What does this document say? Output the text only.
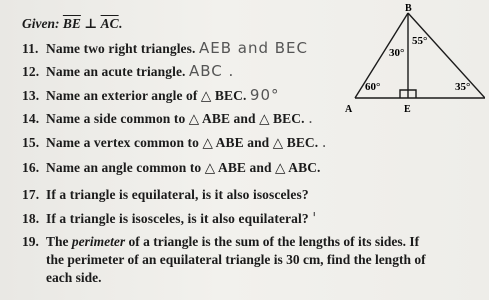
Given: $\overline{BE}$ ⊥ $\overline{AC}$.
11. Name two right triangles. AEB and BEC
12. Name an acute triangle. ABC .
13. Name an exterior angle of △ BEC. 90°
14. Name a side common to △ ABE and △ BEC. .
15. Name a vertex common to △ ABE and △ BEC. .
16. Name an angle common to △ ABE and △ ABC.
17. If a triangle is equilateral, is it also isosceles?
18. If a triangle is isosceles, is it also equilateral? '
19. The perimeter of a triangle is the sum of the lengths of its sides. If
the perimeter of an equilateral triangle is 30 cm, find the length of
each side.
B
A	E
30°
55°
60°	35°
